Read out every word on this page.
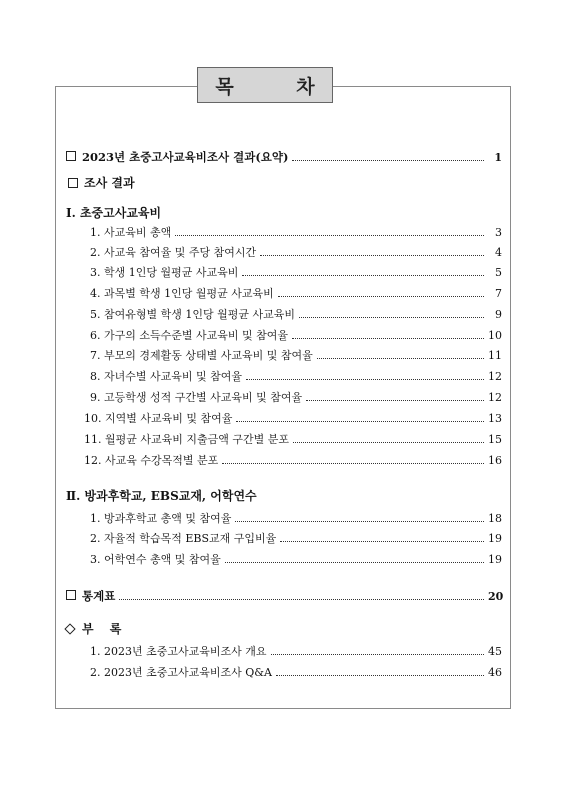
목 차
2023년 초중고사교육비조사 결과(요약)	1
조사 결과
Ⅰ. 초중고사교육비
1. 사교육비 총액	3
2. 사교육 참여율 및 주당 참여시간	4
3. 학생 1인당 월평균 사교육비	5
4. 과목별 학생 1인당 월평균 사교육비	7
5. 참여유형별 학생 1인당 월평균 사교육비	9
6. 가구의 소득수준별 사교육비 및 참여율	10
7. 부모의 경제활동 상태별 사교육비 및 참여율	11
8. 자녀수별 사교육비 및 참여율	12
9. 고등학생 성적 구간별 사교육비 및 참여율	12
10. 지역별 사교육비 및 참여율	13
11. 월평균 사교육비 지출금액 구간별 분포	15
12. 사교육 수강목적별 분포	16
Ⅱ. 방과후학교, EBS교재, 어학연수
1. 방과후학교 총액 및 참여율	18
2. 자율적 학습목적 EBS교재 구입비율	19
3. 어학연수 총액 및 참여율	19
통계표	20
부 록
1. 2023년 초중고사교육비조사 개요	45
2. 2023년 초중고사교육비조사 Q&A	46
